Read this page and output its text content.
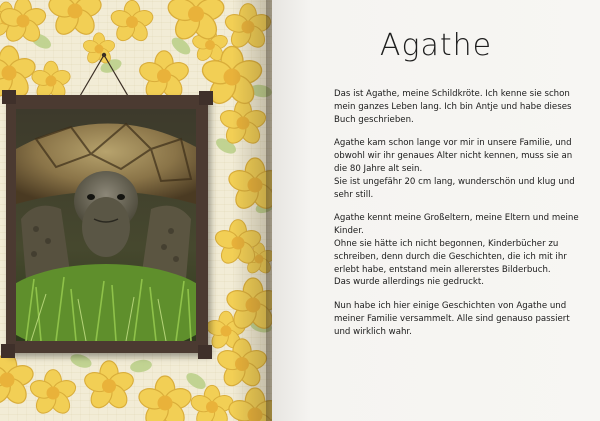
Agathe

Das ist Agathe, meine Schildkröte. Ich kenne sie schon
mein ganzes Leben lang. Ich bin Antje und habe dieses
Buch geschrieben.

Agathe kam schon lange vor mir in unsere Familie, und
obwohl wir ihr genaues Alter nicht kennen, muss sie an
die 80 Jahre alt sein.
Sie ist ungefähr 20 cm lang, wunderschön und klug und
sehr still.

Agathe kennt meine Großeltern, meine Eltern und meine
Kinder.
Ohne sie hätte ich nicht begonnen, Kinderbücher zu
schreiben, denn durch die Geschichten, die ich mit ihr
erlebt habe, entstand mein allererstes Bilderbuch.
Das wurde allerdings nie gedruckt.

Nun habe ich hier einige Geschichten von Agathe und
meiner Familie versammelt. Alle sind genauso passiert
und wirklich wahr.
